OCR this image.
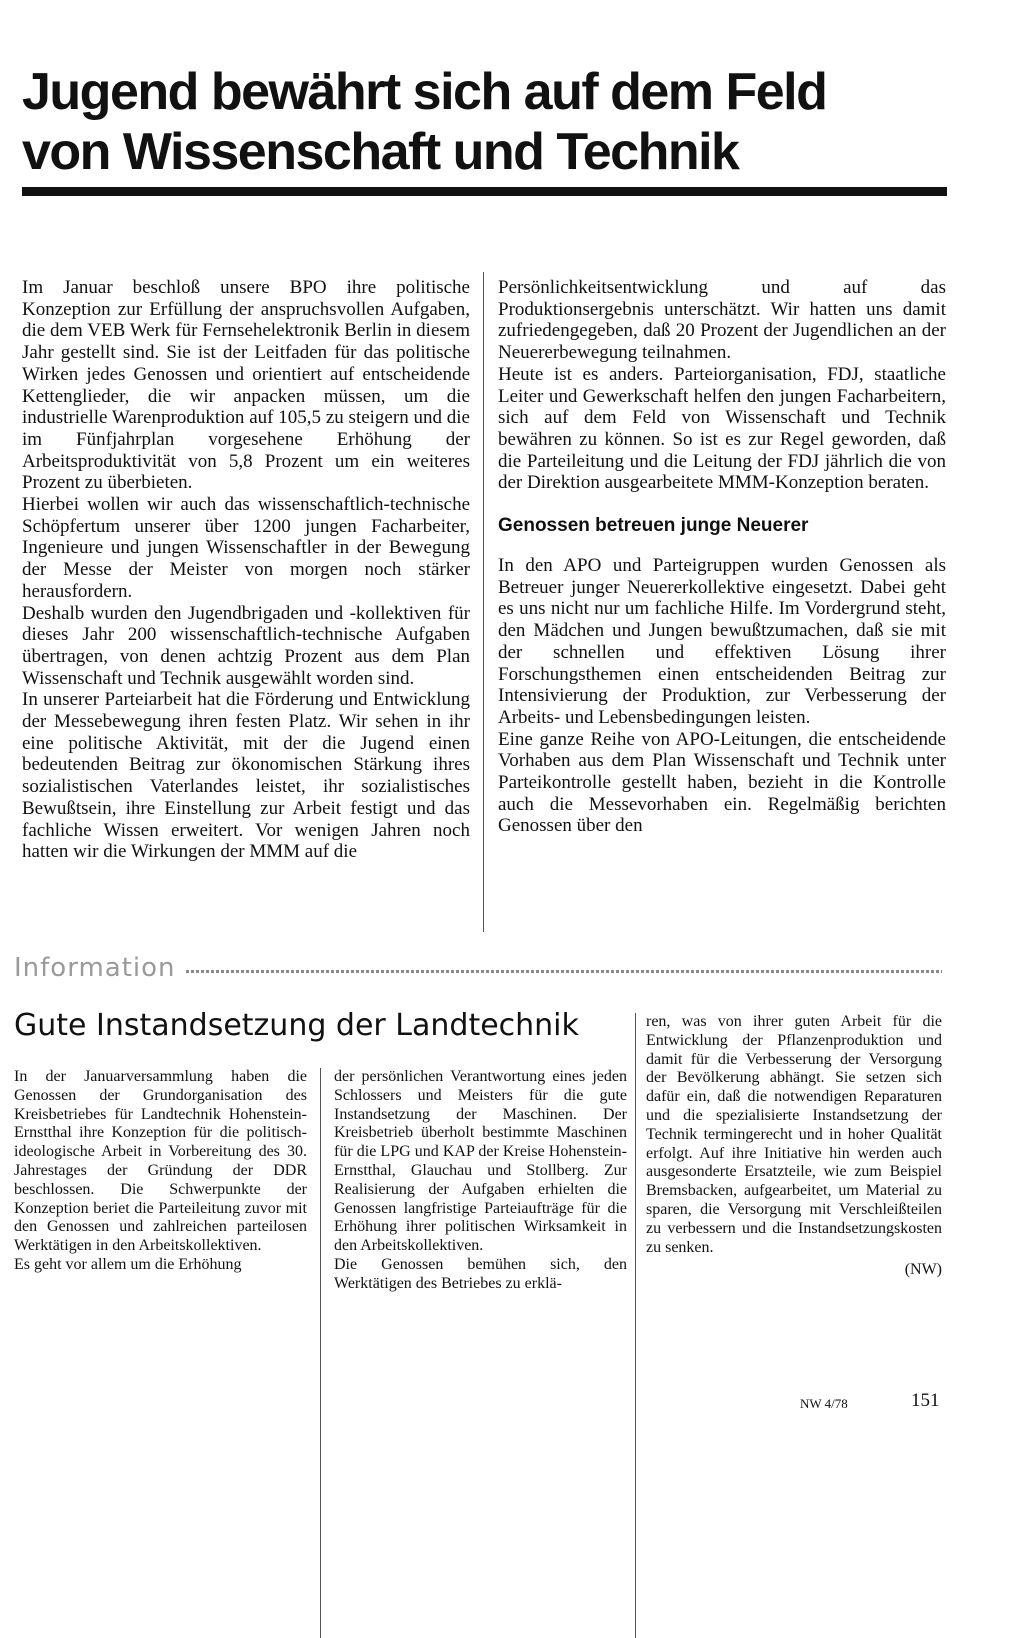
Jugend bewährt sich auf dem Feld
von Wissenschaft und Technik

Im Januar beschloß unsere BPO ihre politische Konzeption zur Erfüllung der anspruchsvollen Aufgaben, die dem VEB Werk für Fernsehelektronik Berlin in diesem Jahr gestellt sind. Sie ist der Leitfaden für das politische Wirken jedes Genossen und orientiert auf entscheidende Kettenglieder, die wir anpacken müssen, um die industrielle Warenproduktion auf 105,5 zu steigern und die im Fünfjahrplan vorgesehene Erhöhung der Arbeitsproduktivität von 5,8 Prozent um ein weiteres Prozent zu überbieten.

Hierbei wollen wir auch das wissenschaftlich-technische Schöpfertum unserer über 1200 jungen Facharbeiter, Ingenieure und jungen Wissenschaftler in der Bewegung der Messe der Meister von morgen noch stärker herausfordern.

Deshalb wurden den Jugendbrigaden und -kollektiven für dieses Jahr 200 wissenschaftlich-technische Aufgaben übertragen, von denen achtzig Prozent aus dem Plan Wissenschaft und Technik ausgewählt worden sind.

In unserer Parteiarbeit hat die Förderung und Entwicklung der Messebewegung ihren festen Platz. Wir sehen in ihr eine politische Aktivität, mit der die Jugend einen bedeutenden Beitrag zur ökonomischen Stärkung ihres sozialistischen Vaterlandes leistet, ihr sozialistisches Bewußtsein, ihre Einstellung zur Arbeit festigt und das fachliche Wissen erweitert. Vor wenigen Jahren noch hatten wir die Wirkungen der MMM auf die

Persönlichkeitsentwicklung und auf das Produktionsergebnis unterschätzt. Wir hatten uns damit zufriedengegeben, daß 20 Prozent der Jugendlichen an der Neuererbewegung teilnahmen.

Heute ist es anders. Parteiorganisation, FDJ, staatliche Leiter und Gewerkschaft helfen den jungen Facharbeitern, sich auf dem Feld von Wissenschaft und Technik bewähren zu können. So ist es zur Regel geworden, daß die Parteileitung und die Leitung der FDJ jährlich die von der Direktion ausgearbeitete MMM-Konzeption beraten.

Genossen betreuen junge Neuerer

In den APO und Parteigruppen wurden Genossen als Betreuer junger Neuererkollektive eingesetzt. Dabei geht es uns nicht nur um fachliche Hilfe. Im Vordergrund steht, den Mädchen und Jungen bewußtzumachen, daß sie mit der schnellen und effektiven Lösung ihrer Forschungsthemen einen entscheidenden Beitrag zur Intensivierung der Produktion, zur Verbesserung der Arbeits- und Lebensbedingungen leisten.

Eine ganze Reihe von APO-Leitungen, die entscheidende Vorhaben aus dem Plan Wissenschaft und Technik unter Parteikontrolle gestellt haben, bezieht in die Kontrolle auch die Messevorhaben ein. Regelmäßig berichten Genossen über den

Information
Gute Instandsetzung der Landtechnik

In der Januarversammlung haben die Genossen der Grundorganisation des Kreisbetriebes für Landtechnik Hohenstein-Ernstthal ihre Konzeption für die politisch-ideologische Arbeit in Vorbereitung des 30. Jahrestages der Gründung der DDR beschlossen. Die Schwerpunkte der Konzeption beriet die Parteileitung zuvor mit den Genossen und zahlreichen parteilosen Werktätigen in den Arbeitskollektiven.

Es geht vor allem um die Erhöhung

der persönlichen Verantwortung eines jeden Schlossers und Meisters für die gute Instandsetzung der Maschinen. Der Kreisbetrieb überholt bestimmte Maschinen für die LPG und KAP der Kreise Hohenstein-Ernstthal, Glauchau und Stollberg. Zur Realisierung der Aufgaben erhielten die Genossen langfristige Parteiaufträge für die Erhöhung ihrer politischen Wirksamkeit in den Arbeitskollektiven.

Die Genossen bemühen sich, den Werktätigen des Betriebes zu erklä-

ren, was von ihrer guten Arbeit für die Entwicklung der Pflanzenproduktion und damit für die Verbesserung der Versorgung der Bevölkerung abhängt. Sie setzen sich dafür ein, daß die notwendigen Reparaturen und die spezialisierte Instandsetzung der Technik termingerecht und in hoher Qualität erfolgt. Auf ihre Initiative hin werden auch ausgesonderte Ersatzteile, wie zum Beispiel Bremsbacken, aufgearbeitet, um Material zu sparen, die Versorgung mit Verschleißteilen zu verbessern und die Instandsetzungskosten zu senken.

(NW)

NW 4/78	151
